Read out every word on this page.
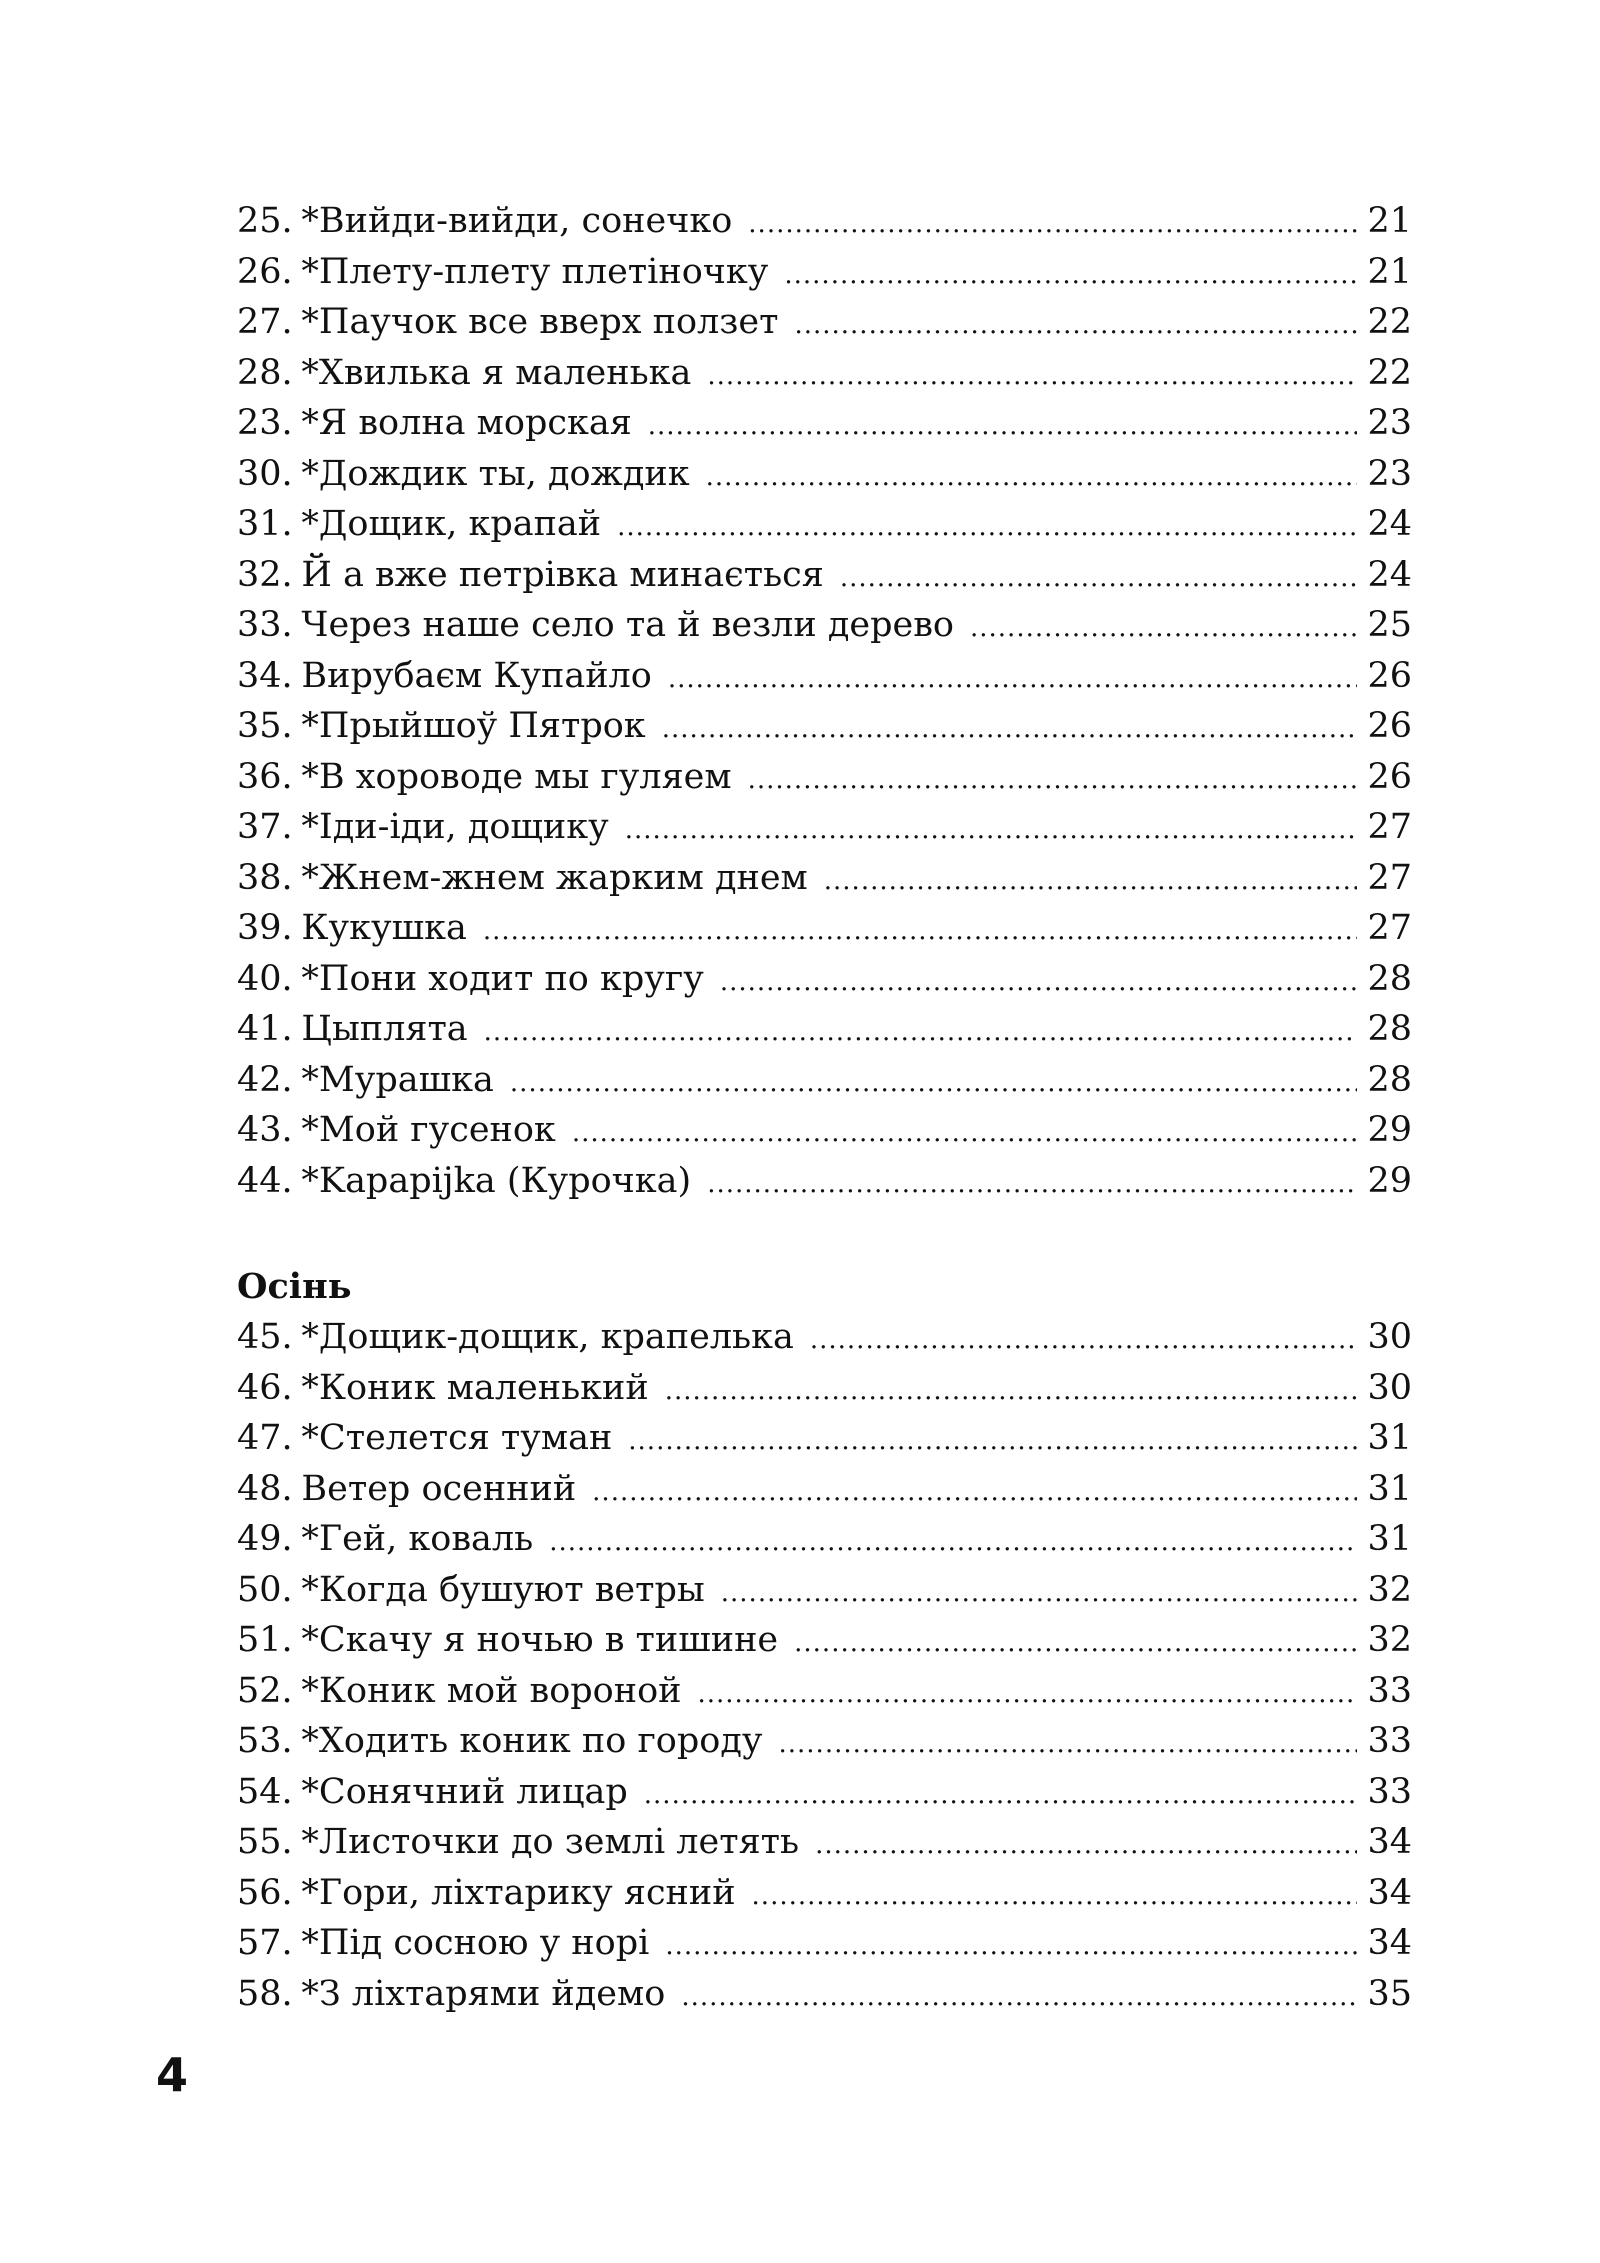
25. *Вийди-вийди, сонечко .....	21
26. *Плету-плету плетіночку .....	21
27. *Паучок все вверх ползет .....	22
28. *Хвилька я маленька .....	22
23. *Я волна морская .....	23
30. *Дождик ты, дождик .....	23
31. *Дощик, крапай .....	24
32. Й а вже петрівка минається .....	24
33. Через наше село та й везли дерево .....	25
34. Вирубаєм Купайло .....	26
35. *Прыйшоў Пятрок .....	26
36. *В хороводе мы гуляем .....	26
37. *Іди-іди, дощику .....	27
38. *Жнем-жнем жарким днем .....	27
39. Кукушка .....	27
40. *Пони ходит по кругу .....	28
41. Цыплята .....	28
42. *Мурашка .....	28
43. *Мой гусенок .....	29
44. *Kapapijka (Курочка) .....	29
Осінь
45. *Дощик-дощик, крапелька .....	30
46. *Коник маленький .....	30
47. *Стелется туман .....	31
48. Ветер осенний .....	31
49. *Гей, коваль .....	31
50. *Когда бушуют ветры .....	32
51. *Скачу я ночью в тишине .....	32
52. *Коник мой вороной .....	33
53. *Ходить коник по городу .....	33
54. *Сонячний лицар .....	33
55. *Листочки до землі летять .....	34
56. *Гори, ліхтарику ясний .....	34
57. *Під сосною у норі .....	34
58. *З ліхтарями йдемо .....	35
4
